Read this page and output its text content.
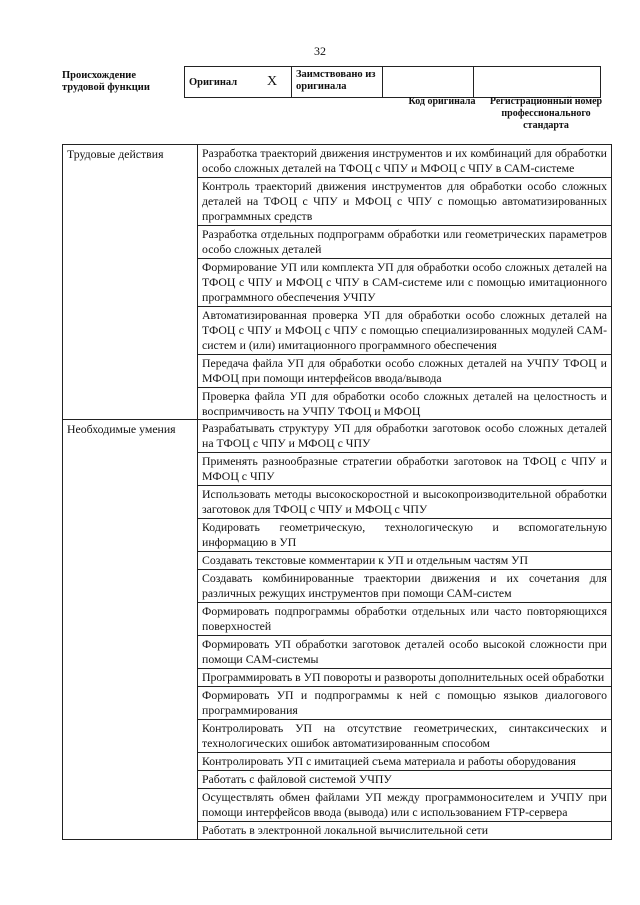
32
Происхождение трудовой функции	Оригинал	X	Заимствовано из оригинала		
Код оригинала	Регистрационный номер профессионального стандарта
Трудовые действия	Разработка траекторий движения инструментов и их комбинаций для обработки особо сложных деталей на ТФОЦ с ЧПУ и МФОЦ с ЧПУ в САМ-системе
	Контроль траекторий движения инструментов для обработки особо сложных деталей на ТФОЦ с ЧПУ и МФОЦ с ЧПУ с помощью автоматизированных программных средств
	Разработка отдельных подпрограмм обработки или геометрических параметров особо сложных деталей
	Формирование УП или комплекта УП для обработки особо сложных деталей на ТФОЦ с ЧПУ и МФОЦ с ЧПУ в САМ-системе или с помощью имитационного программного обеспечения УЧПУ
	Автоматизированная проверка УП для обработки особо сложных деталей на ТФОЦ с ЧПУ и МФОЦ с ЧПУ с помощью специализированных модулей САМ-систем и (или) имитационного программного обеспечения
	Передача файла УП для обработки особо сложных деталей на УЧПУ ТФОЦ и МФОЦ при помощи интерфейсов ввода/вывода
	Проверка файла УП для обработки особо сложных деталей на целостность и воспримчивость на УЧПУ ТФОЦ и МФОЦ
Необходимые умения	Разрабатывать структуру УП для обработки заготовок особо сложных деталей на ТФОЦ с ЧПУ и МФОЦ с ЧПУ
	Применять разнообразные стратегии обработки заготовок на ТФОЦ с ЧПУ и МФОЦ с ЧПУ
	Использовать методы высокоскоростной и высокопроизводительной обработки заготовок для ТФОЦ с ЧПУ и МФОЦ с ЧПУ
	Кодировать геометрическую, технологическую и вспомогательную информацию в УП
	Создавать текстовые комментарии к УП и отдельным частям УП
	Создавать комбинированные траектории движения и их сочетания для различных режущих инструментов при помощи САМ-систем
	Формировать подпрограммы обработки отдельных или часто повторяющихся поверхностей
	Формировать УП обработки заготовок деталей особо высокой сложности при помощи САМ-системы
	Программировать в УП повороты и развороты дополнительных осей обработки
	Формировать УП и подпрограммы к ней с помощью языков диалогового программирования
	Контролировать УП на отсутствие геометрических, синтаксических и технологических ошибок автоматизированным способом
	Контролировать УП с имитацией съема материала и работы оборудования
	Работать с файловой системой УЧПУ
	Осуществлять обмен файлами УП между программоносителем и УЧПУ при помощи интерфейсов ввода (вывода) или с использованием FTP-сервера
	Работать в электронной локальной вычислительной сети
